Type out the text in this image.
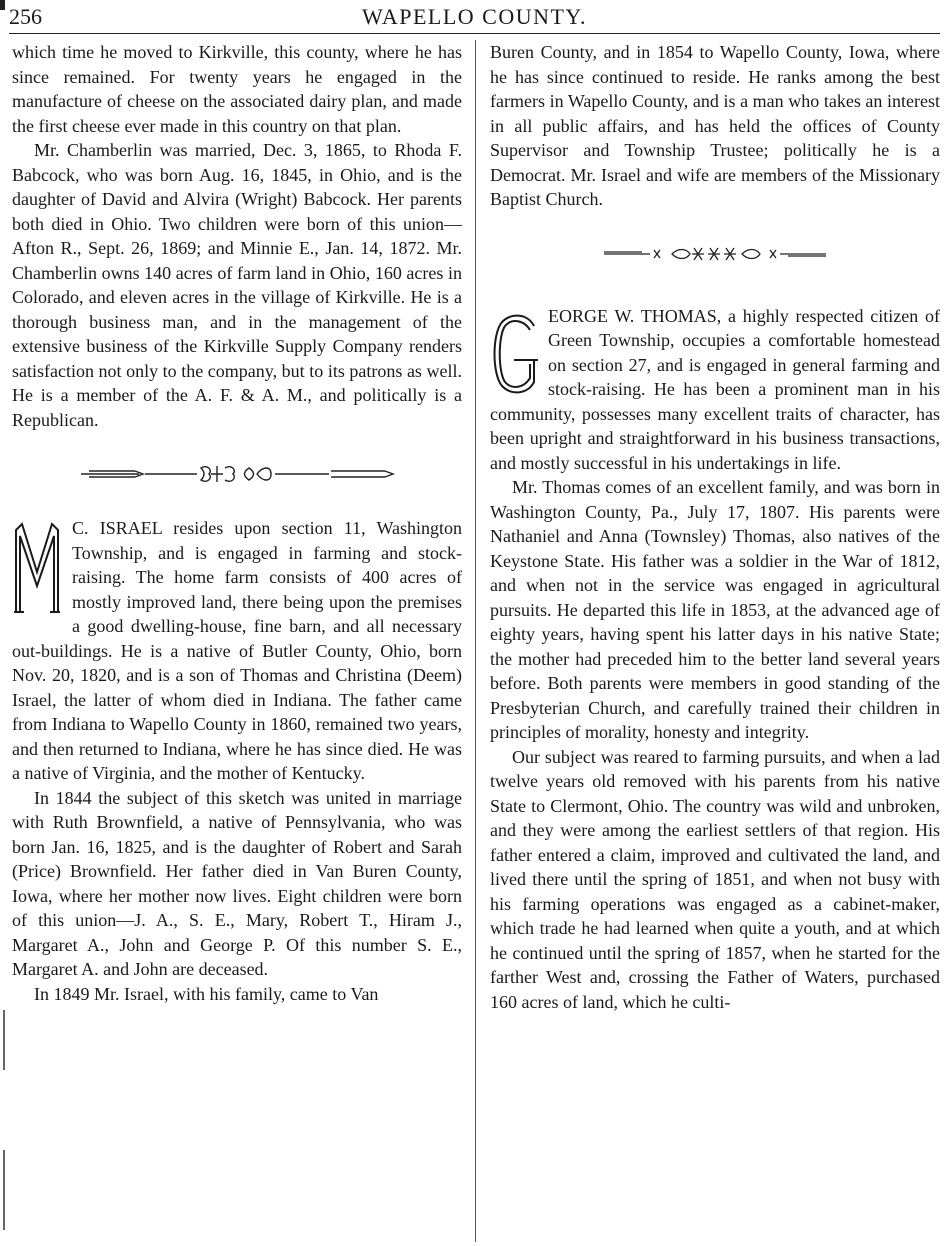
256	WAPELLO COUNTY.

which time he moved to Kirkville, this county, where he has since remained. For twenty years he engaged in the manufacture of cheese on the associated dairy plan, and made the first cheese ever made in this country on that plan.

Mr. Chamberlin was married, Dec. 3, 1865, to Rhoda F. Babcock, who was born Aug. 16, 1845, in Ohio, and is the daughter of David and Alvira (Wright) Babcock. Her parents both died in Ohio. Two children were born of this union—Afton R., Sept. 26, 1869; and Minnie E., Jan. 14, 1872. Mr. Chamberlin owns 140 acres of farm land in Ohio, 160 acres in Colorado, and eleven acres in the village of Kirkville. He is a thorough business man, and in the management of the extensive business of the Kirkville Supply Company renders satisfaction not only to the company, but to its patrons as well. He is a member of the A. F. & A. M., and politically is a Republican.

C. ISRAEL resides upon section 11, Washington Township, and is engaged in farming and stock-raising. The home farm consists of 400 acres of mostly improved land, there being upon the premises a good dwelling-house, fine barn, and all necessary out-buildings. He is a native of Butler County, Ohio, born Nov. 20, 1820, and is a son of Thomas and Christina (Deem) Israel, the latter of whom died in Indiana. The father came from Indiana to Wapello County in 1860, remained two years, and then returned to Indiana, where he has since died. He was a native of Virginia, and the mother of Kentucky.

In 1844 the subject of this sketch was united in marriage with Ruth Brownfield, a native of Pennsylvania, who was born Jan. 16, 1825, and is the daughter of Robert and Sarah (Price) Brownfield. Her father died in Van Buren County, Iowa, where her mother now lives. Eight children were born of this union—J. A., S. E., Mary, Robert T., Hiram J., Margaret A., John and George P. Of this number S. E., Margaret A. and John are deceased.

In 1849 Mr. Israel, with his family, came to Van

Buren County, and in 1854 to Wapello County, Iowa, where he has since continued to reside. He ranks among the best farmers in Wapello County, and is a man who takes an interest in all public affairs, and has held the offices of County Supervisor and Township Trustee; politically he is a Democrat. Mr. Israel and wife are members of the Missionary Baptist Church.

EORGE W. THOMAS, a highly respected citizen of Green Township, occupies a comfortable homestead on section 27, and is engaged in general farming and stock-raising. He has been a prominent man in his community, possesses many excellent traits of character, has been upright and straightforward in his business transactions, and mostly successful in his undertakings in life.

Mr. Thomas comes of an excellent family, and was born in Washington County, Pa., July 17, 1807. His parents were Nathaniel and Anna (Townsley) Thomas, also natives of the Keystone State. His father was a soldier in the War of 1812, and when not in the service was engaged in agricultural pursuits. He departed this life in 1853, at the advanced age of eighty years, having spent his latter days in his native State; the mother had preceded him to the better land several years before. Both parents were members in good standing of the Presbyterian Church, and carefully trained their children in principles of morality, honesty and integrity.

Our subject was reared to farming pursuits, and when a lad twelve years old removed with his parents from his native State to Clermont, Ohio. The country was wild and unbroken, and they were among the earliest settlers of that region. His father entered a claim, improved and cultivated the land, and lived there until the spring of 1851, and when not busy with his farming operations was engaged as a cabinet-maker, which trade he had learned when quite a youth, and at which he continued until the spring of 1857, when he started for the farther West and, crossing the Father of Waters, purchased 160 acres of land, which he culti-
